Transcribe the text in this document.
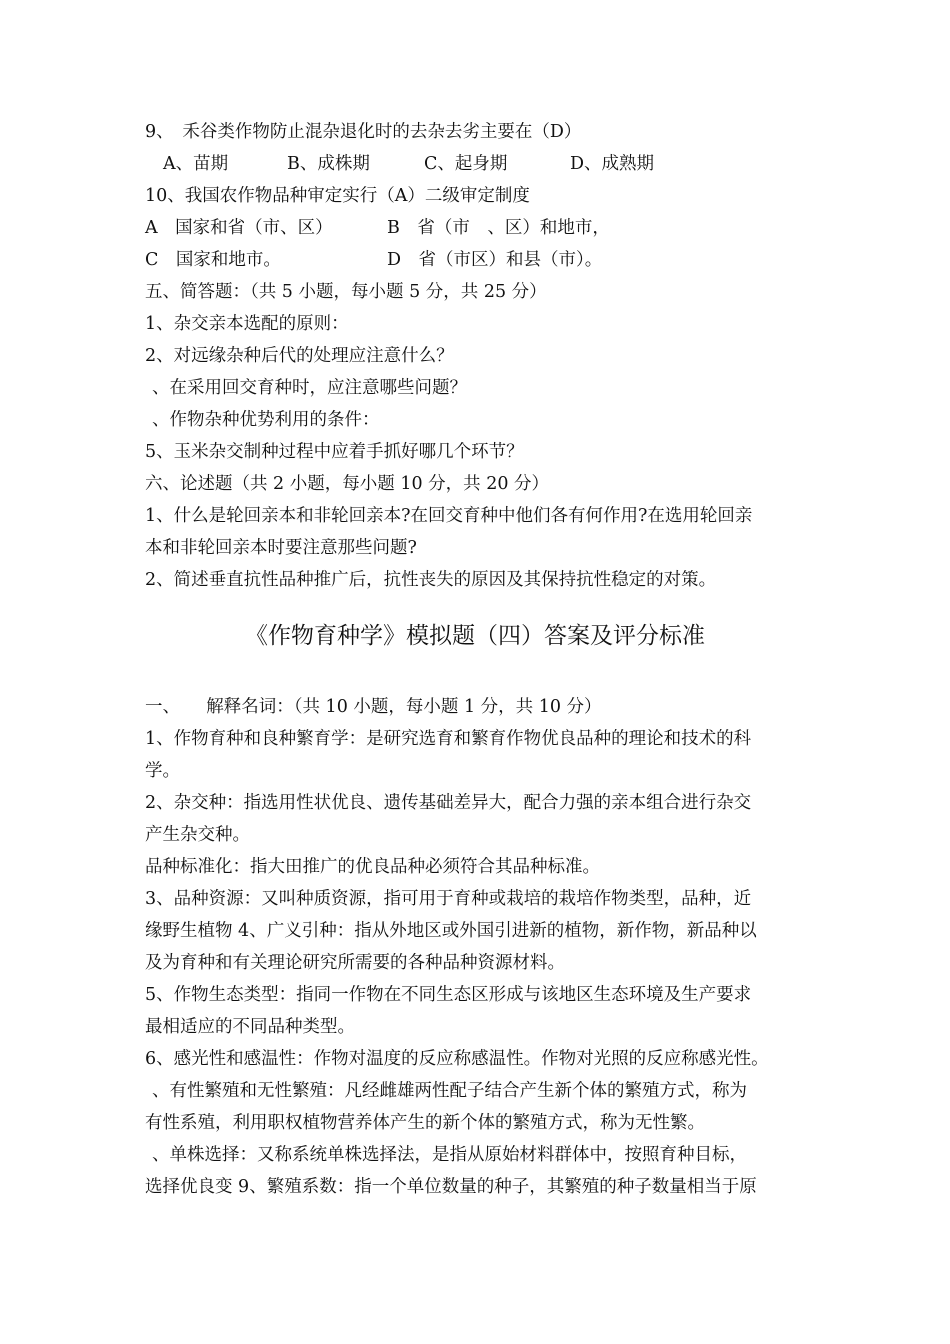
9、　禾谷类作物防止混杂退化时的去杂去劣主要在（D）
A、苗期	B、成株期	C、起身期	D、成熟期
10、我国农作物品种审定实行（A）二级审定制度
A　国家和省（市、区）	B　省（市　、区）和地市，
C　国家和地市。	D　省（市区）和县（市）。
五、简答题：（共 5 小题，每小题 5 分，共 25 分）
1、杂交亲本选配的原则：
2、对远缘杂种后代的处理应注意什么？
、在采用回交育种时，应注意哪些问题？
、作物杂种优势利用的条件：
5、玉米杂交制种过程中应着手抓好哪几个环节？
六、论述题（共 2 小题，每小题 10 分，共 20 分）
1、什么是轮回亲本和非轮回亲本?在回交育种中他们各有何作用?在选用轮回亲
本和非轮回亲本时要注意那些问题?
2、简述垂直抗性品种推广后，抗性丧失的原因及其保持抗性稳定的对策。
《作物育种学》模拟题（四）答案及评分标准
一、　　解释名词：（共 10 小题，每小题 1 分，共 10 分）
1、作物育种和良种繁育学：是研究选育和繁育作物优良品种的理论和技术的科
学。
2、杂交种：指选用性状优良、遗传基础差异大，配合力强的亲本组合进行杂交
产生杂交种。
品种标准化：指大田推广的优良品种必须符合其品种标准。
3、品种资源：又叫种质资源，指可用于育种或栽培的栽培作物类型，品种，近
缘野生植物 4、广义引种：指从外地区或外国引进新的植物，新作物，新品种以
及为育种和有关理论研究所需要的各种品种资源材料。
5、作物生态类型：指同一作物在不同生态区形成与该地区生态环境及生产要求
最相适应的不同品种类型。
6、感光性和感温性：作物对温度的反应称感温性。作物对光照的反应称感光性。
、有性繁殖和无性繁殖：凡经雌雄两性配子结合产生新个体的繁殖方式，称为
有性系殖，利用职权植物营养体产生的新个体的繁殖方式，称为无性繁。
、单株选择：又称系统单株选择法，是指从原始材料群体中，按照育种目标，
选择优良变 9、繁殖系数：指一个单位数量的种子，其繁殖的种子数量相当于原
